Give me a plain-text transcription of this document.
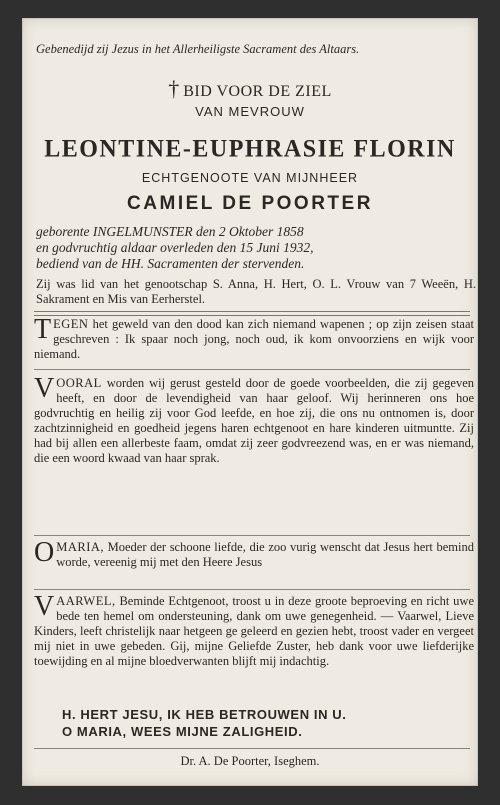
Gebenedijd zij Jezus in het Allerheiligste Sacrament des Altaars.
† BID VOOR DE ZIEL
VAN MEVROUW
LEONTINE-EUPHRASIE FLORIN
ECHTGENOOTE VAN MIJNHEER
CAMIEL DE POORTER
geborente INGELMUNSTER den 2 Oktober 1858
en godvruchtig aldaar overleden den 15 Juni 1932,
bediend van de HH. Sacramenten der stervenden.
Zij was lid van het genootschap S. Anna, H. Hert, O. L. Vrouw van 7 Weeën, H. Sakrament en Mis van Eerherstel.
TEGEN het geweld van den dood kan zich niemand wapenen ; op zijn zeisen staat geschreven : Ik spaar noch jong, noch oud, ik kom onvoorziens en wijk voor niemand.
VOORAL worden wij gerust gesteld door de goede voorbeelden, die zij gegeven heeft, en door de levendigheid van haar geloof. Wij herinneren ons hoe godvruchtig en heilig zij voor God leefde, en hoe zij, die ons nu ontnomen is, door zachtzinnigheid en goedheid jegens haren echtgenoot en hare kinderen uitmuntte. Zij had bij allen een allerbeste faam, omdat zij zeer godvreezend was, en er was niemand, die een woord kwaad van haar sprak.
O MARIA, Moeder der schoone liefde, die zoo vurig wenscht dat Jesus hert bemind worde, vereenig mij met den Heere Jesus
VAARWEL, Beminde Echtgenoot, troost u in deze groote beproeving en richt uwe bede ten hemel om ondersteuning, dank om uwe genegenheid. — Vaarwel, Lieve Kinders, leeft christelijk naar hetgeen ge geleerd en gezien hebt, troost vader en vergeet mij niet in uwe gebeden. Gij, mijne Geliefde Zuster, heb dank voor uwe liefderijke toewijding en al mijne bloedverwanten blijft mij indachtig.
H. HERT JESU, IK HEB BETROUWEN IN U.
O MARIA, WEES MIJNE ZALIGHEID.
Dr. A. De Poorter, Iseghem.
